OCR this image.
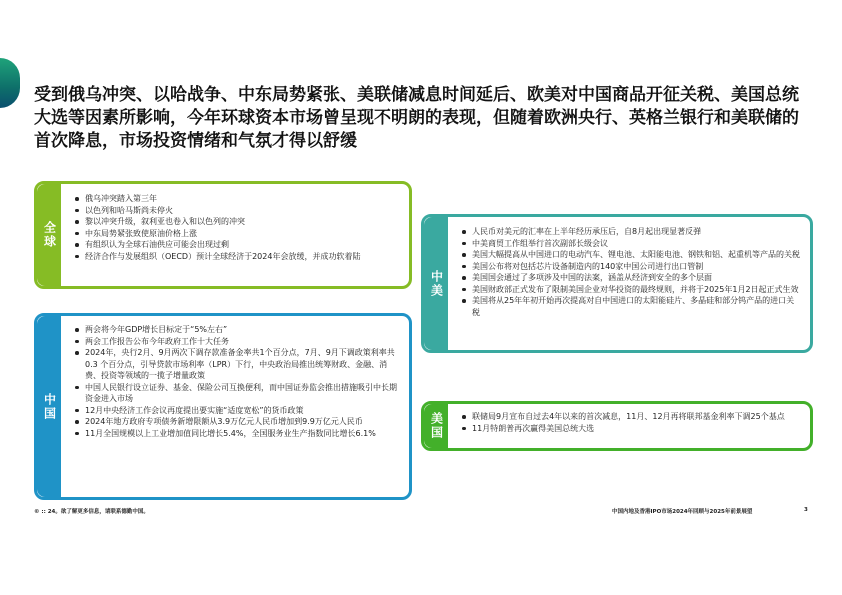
受到俄乌冲突、以哈战争、中东局势紧张、美联储减息时间延后、欧美对中国商品开征关税、美国总统大选等因素所影响，今年环球资本市场曾呈现不明朗的表现，但随着欧洲央行、英格兰银行和美联储的首次降息，市场投资情绪和气氛才得以舒缓
全球
俄乌冲突踏入第三年
以色列和哈马斯尚未停火
黎以冲突升级，叙利亚也卷入和以色列的冲突
中东局势紧张致使原油价格上涨
有组织认为全球石油供应可能会出现过剩
经济合作与发展组织（OECD）预计全球经济于2024年会放缓，并成功软着陆
中美
人民币对美元的汇率在上半年经历承压后，自8月起出现显著反弹
中美商贸工作组举行首次副部长级会议
美国大幅提高从中国进口的电动汽车、锂电池、太阳能电池、钢铁和铝、起重机等产品的关税
美国公布将对包括芯片设备制造内的140家中国公司进行出口管制
美国国会通过了多项涉及中国的法案，涵盖从经济到安全的多个层面
美国财政部正式发布了限制美国企业对华投资的最终规则，并将于2025年1月2日起正式生效
美国将从25年年初开始再次提高对自中国进口的太阳能硅片、多晶硅和部分钨产品的进口关税
中国
两会将今年GDP增长目标定于“5%左右”
两会工作报告公布今年政府工作十大任务
2024年，央行2月、9月两次下调存款准备金率共1个百分点，7月、9月下调政策利率共0.3 个百分点，引导贷款市场利率（LPR）下行，中央政治局推出统筹财政、金融、消费、投资等领域的一揽子增量政策
中国人民银行设立证券、基金、保险公司互换便利，而中国证券监会推出措施吸引中长期资金进入市场
12月中央经济工作会议再度提出要实施“适度宽松”的货币政策
2024年地方政府专项债务新增限额从3.9万亿元人民币增加到9.9万亿元人民币
11月全国规模以上工业增加值同比增长5.4%，全国服务业生产指数同比增长6.1%	美国	联储局9月宣布自过去4年以来的首次减息，11月、12月再将联邦基金利率下调25个基点
11月特朗普再次赢得美国总统大选
© :: 24。欲了解更多信息，请联系德勤中国。	中国内地及香港IPO市场2024年回顾与2025年前景展望	3
